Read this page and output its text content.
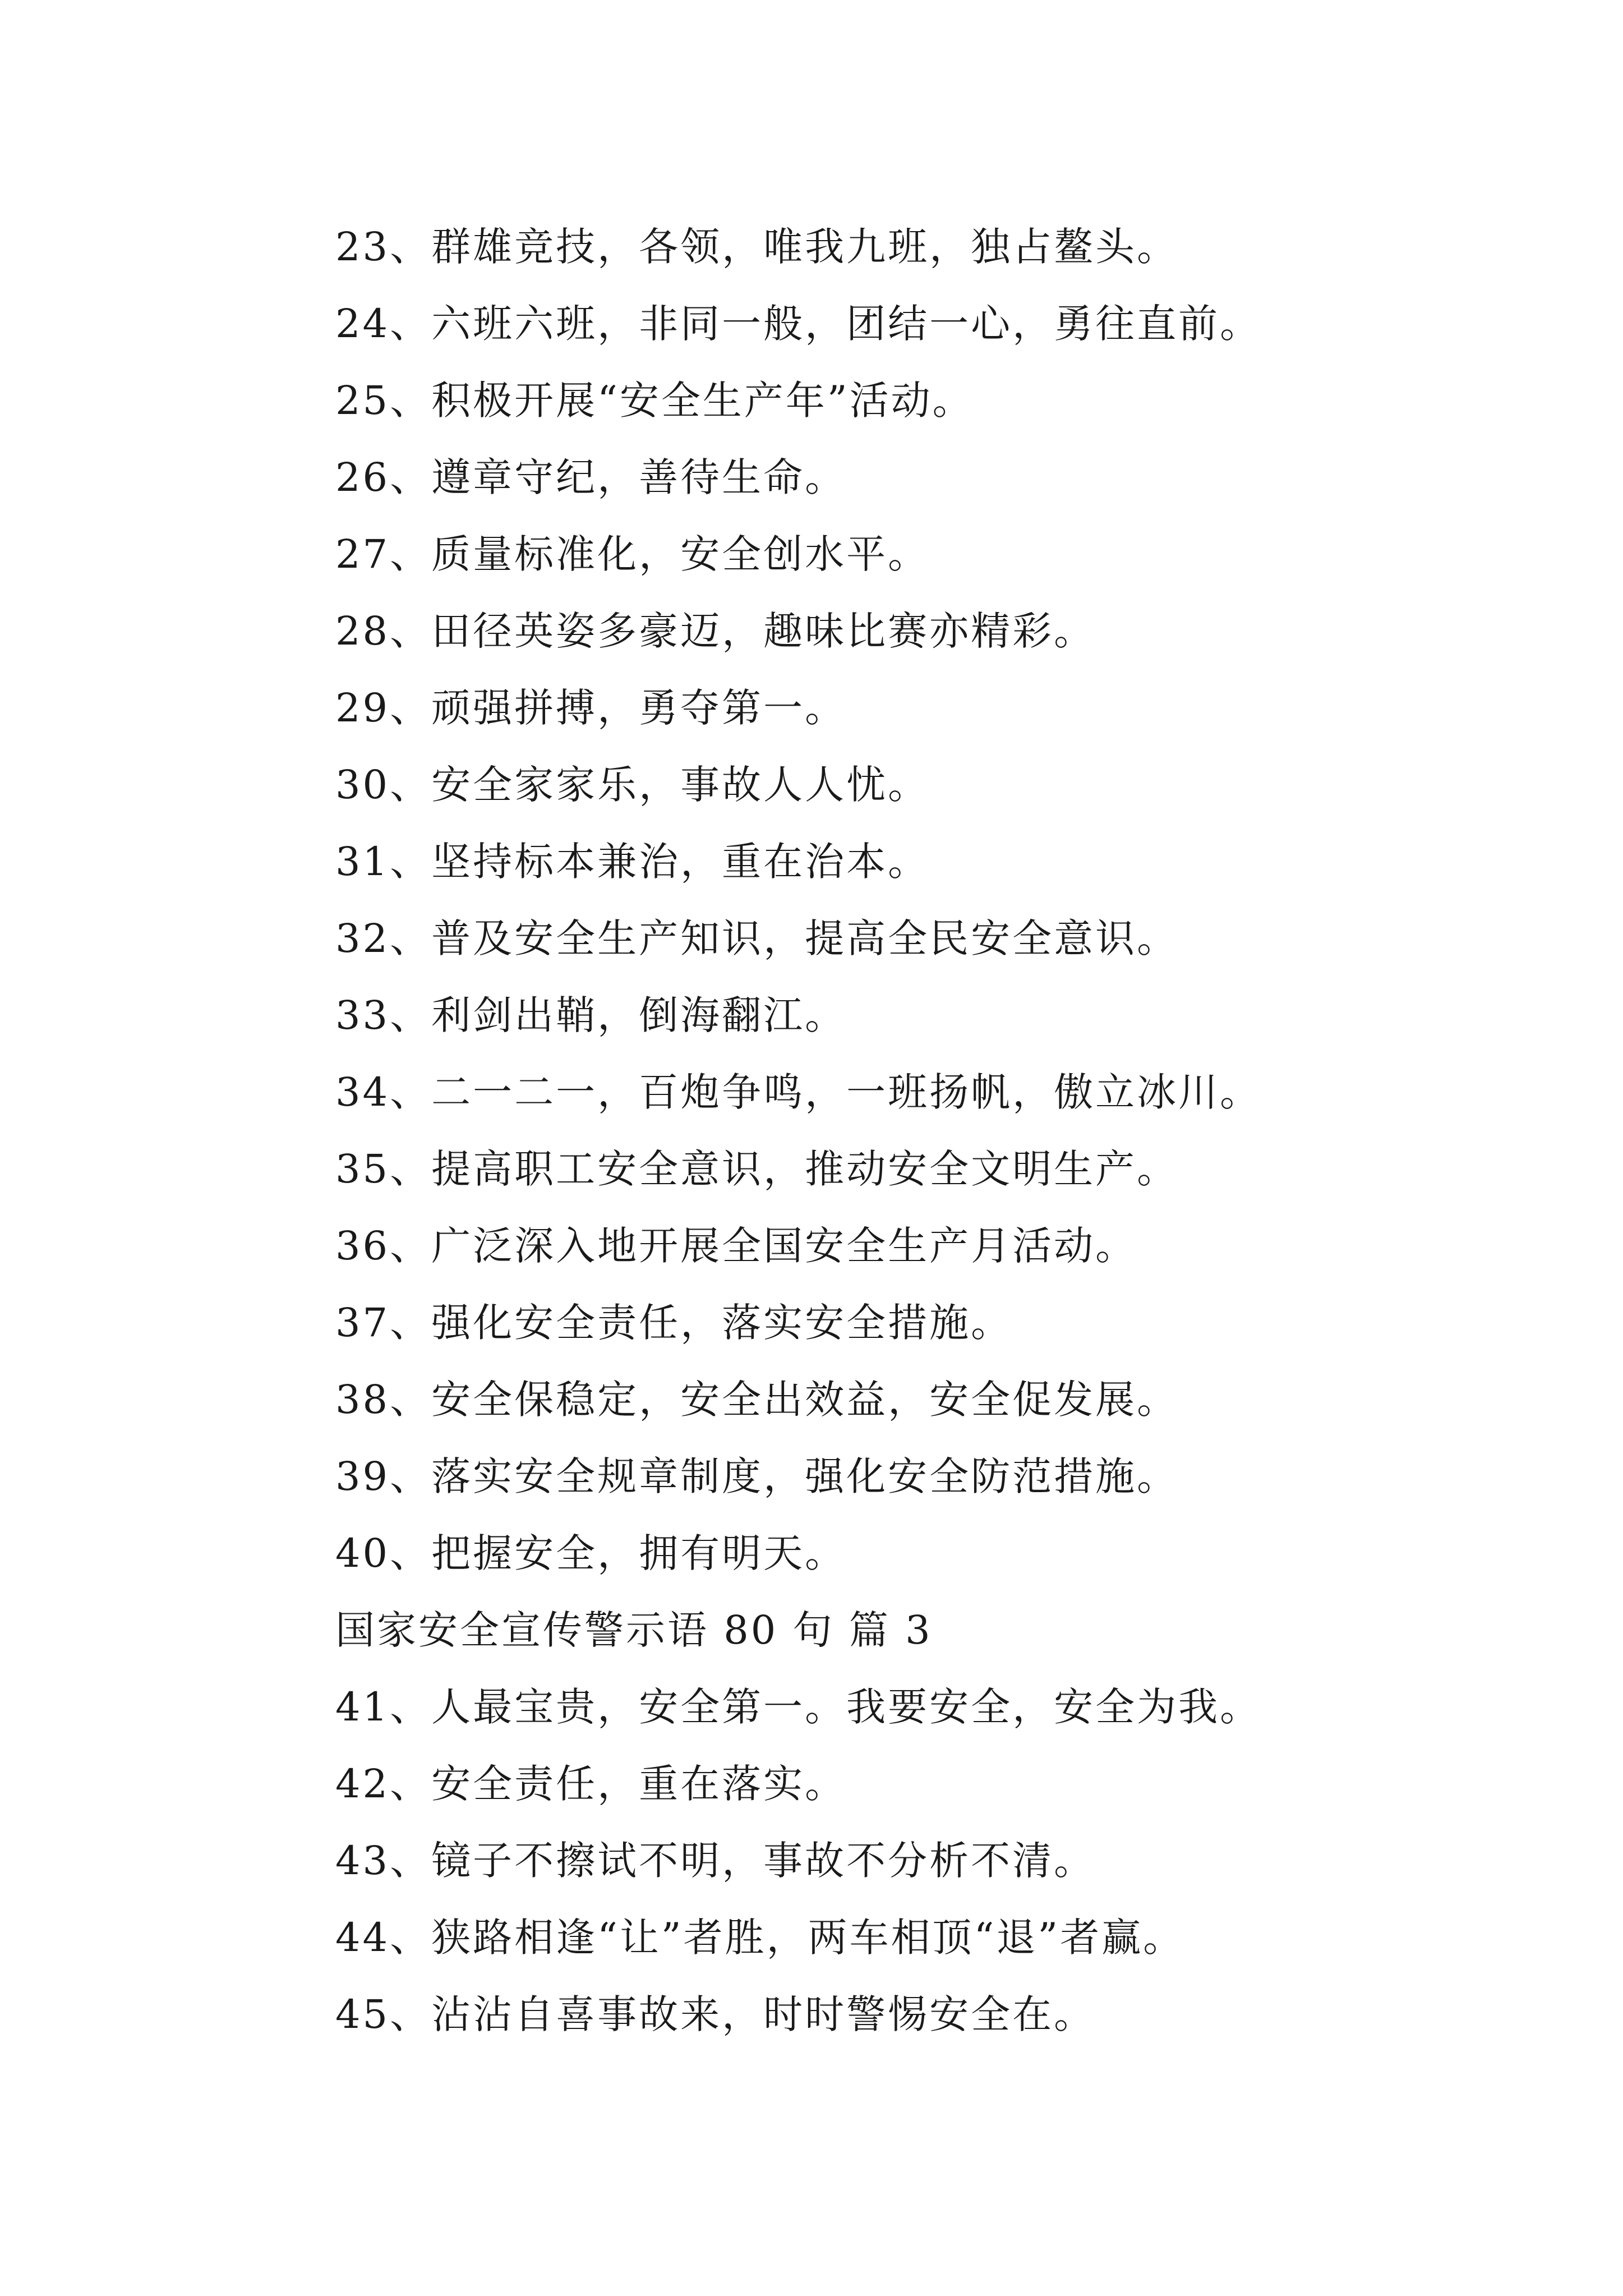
23、群雄竞技，各领，唯我九班，独占鳌头。
24、六班六班，非同一般，团结一心，勇往直前。
25、积极开展“安全生产年”活动。
26、遵章守纪，善待生命。
27、质量标准化，安全创水平。
28、田径英姿多豪迈，趣味比赛亦精彩。
29、顽强拼搏，勇夺第一。
30、安全家家乐，事故人人忧。
31、坚持标本兼治，重在治本。
32、普及安全生产知识，提高全民安全意识。
33、利剑出鞘，倒海翻江。
34、二一二一，百炮争鸣，一班扬帆，傲立冰川。
35、提高职工安全意识，推动安全文明生产。
36、广泛深入地开展全国安全生产月活动。
37、强化安全责任，落实安全措施。
38、安全保稳定，安全出效益，安全促发展。
39、落实安全规章制度，强化安全防范措施。
40、把握安全，拥有明天。
国家安全宣传警示语 80 句 篇 3
41、人最宝贵，安全第一。我要安全，安全为我。
42、安全责任，重在落实。
43、镜子不擦试不明，事故不分析不清。
44、狭路相逢“让”者胜，两车相顶“退”者赢。
45、沾沾自喜事故来，时时警惕安全在。
